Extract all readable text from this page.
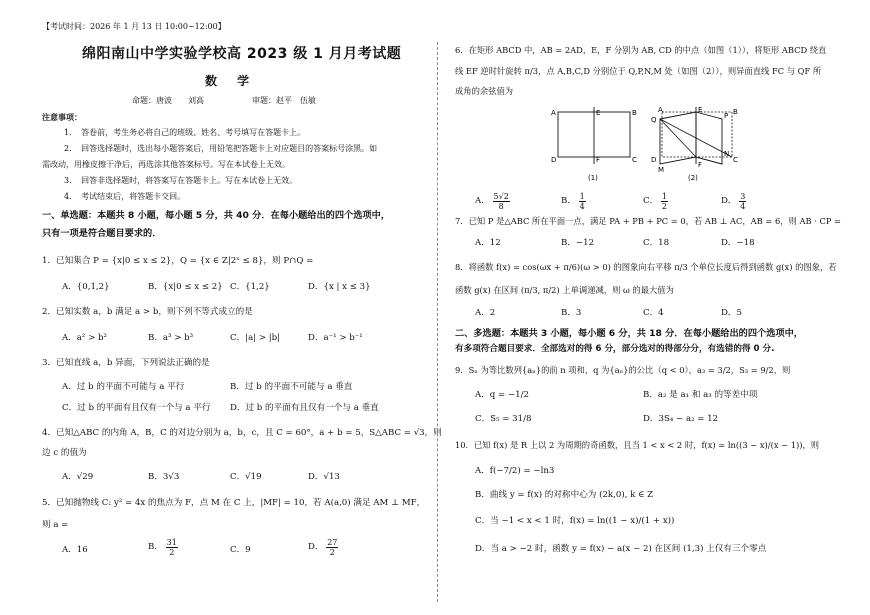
【考试时间：2026 年 1 月 13 日 10:00~12:00】
绵阳南山中学实验学校高 2023 级 1 月月考试题
数 学
命题：唐波　　刘高　　　　　　审题：赵平　伍敏
注意事项：
1．　答卷前，考生务必将自己的班级、姓名、考号填写在答题卡上。
2．　回答选择题时，选出每小题答案后，用铅笔把答题卡上对应题目的答案标号涂黑。如
需改动，用橡皮擦干净后，再选涂其他答案标号。写在本试卷上无效。
3．　回答非选择题时，将答案写在答题卡上。写在本试卷上无效。
4．　考试结束后，将答题卡交回。
一、单选题：本题共 8 小题，每小题 5 分，共 40 分．在每小题给出的四个选项中，
只有一项是符合题目要求的．
1．已知集合 P = {x|0 ≤ x ≤ 2}，Q = {x ∈ Z|2ˣ ≤ 8}，则 P∩Q =
A．{0,1,2}	B．{x|0 ≤ x ≤ 2} C．{1,2}	D．{x | x ≤ 3}
2．已知实数 a，b 满足 a > b，则下列不等式成立的是
A．a² > b²	B．a³ > b³	C．|a| > |b|	D．a⁻¹ > b⁻¹
3．已知直线 a，b 异面，下列说法正确的是
A．过 b 的平面不可能与 a 平行	B．过 b 的平面不可能与 a 垂直
C．过 b 的平面有且仅有一个与 a 平行 D．过 b 的平面有且仅有一个与 a 垂直
4．已知△ABC 的内角 A，B，C 的对边分别为 a，b，c，且 C = 60°，a + b = 5，S△ABC = √3，则
边 c 的值为
A．√29	B．3√3	C．√19	D．√13
5．已知抛物线 C: y² = 4x 的焦点为 F，点 M 在 C 上，|MF| = 10，若 A(a,0) 满足 AM ⊥ MF，
则 a =
A．16	B． $\frac{31}{2}$	C．9	D． $\frac{27}{2}$
6．在矩形 ABCD 中，AB = 2AD，E，F 分别为 AB, CD 的中点（如图（1）），将矩形 ABCD 绕直
线 EF 逆时针旋转 π/3，点 A,B,C,D 分别位于 Q,P,N,M 处（如图（2）），则异面直线 FC 与 QF 所
成角的余弦值为
A	E	B
D	F	C
(1)
A	E	B
Q	P
N
C
D
M
F
(2)
A． $\frac{5√2}{8}$	B． $\frac{1}{4}$	C． $\frac{1}{2}$	D． $\frac{3}{4}$
7．已知 P 是△ABC 所在平面一点，满足 PA + PB + PC = 0，若 AB ⊥ AC，AB = 6，则 AB · CP =
A．12	B．−12	C．18	D．−18
8．将函数 f(x) = cos(ωx + π/6)(ω > 0) 的图象向右平移 π/3 个单位长度后得到函数 g(x) 的图象，若
函数 g(x) 在区间 (π/3, π/2) 上单调递减，则 ω 的最大值为
A．2	B．3	C．4	D．5
二、多选题：本题共 3 小题，每小题 6 分，共 18 分．在每小题给出的四个选项中，
有多项符合题目要求．全部选对的得 6 分，部分选对的得部分分，有选错的得 0 分.
9．Sₙ 为等比数列{aₙ}的前 n 项和，q 为{aₙ}的公比（q < 0），a₃ = 3/2，S₃ = 9/2，则
A．q = −1/2	B．a₂ 是 a₁ 和 a₃ 的等差中项
C．S₅ = 31/8	D．3S₄ − a₂ = 12
10．已知 f(x) 是 R 上以 2 为周期的奇函数，且当 1 < x < 2 时，f(x) = ln((3 − x)/(x − 1))，则
A．f(−7/2) = −ln3
B．曲线 y = f(x) 的对称中心为 (2k,0), k ∈ Z
C．当 −1 < x < 1 时，f(x) = ln((1 − x)/(1 + x))
D．当 a > −2 时，函数 y = f(x) − a(x − 2) 在区间 (1,3) 上仅有三个零点
